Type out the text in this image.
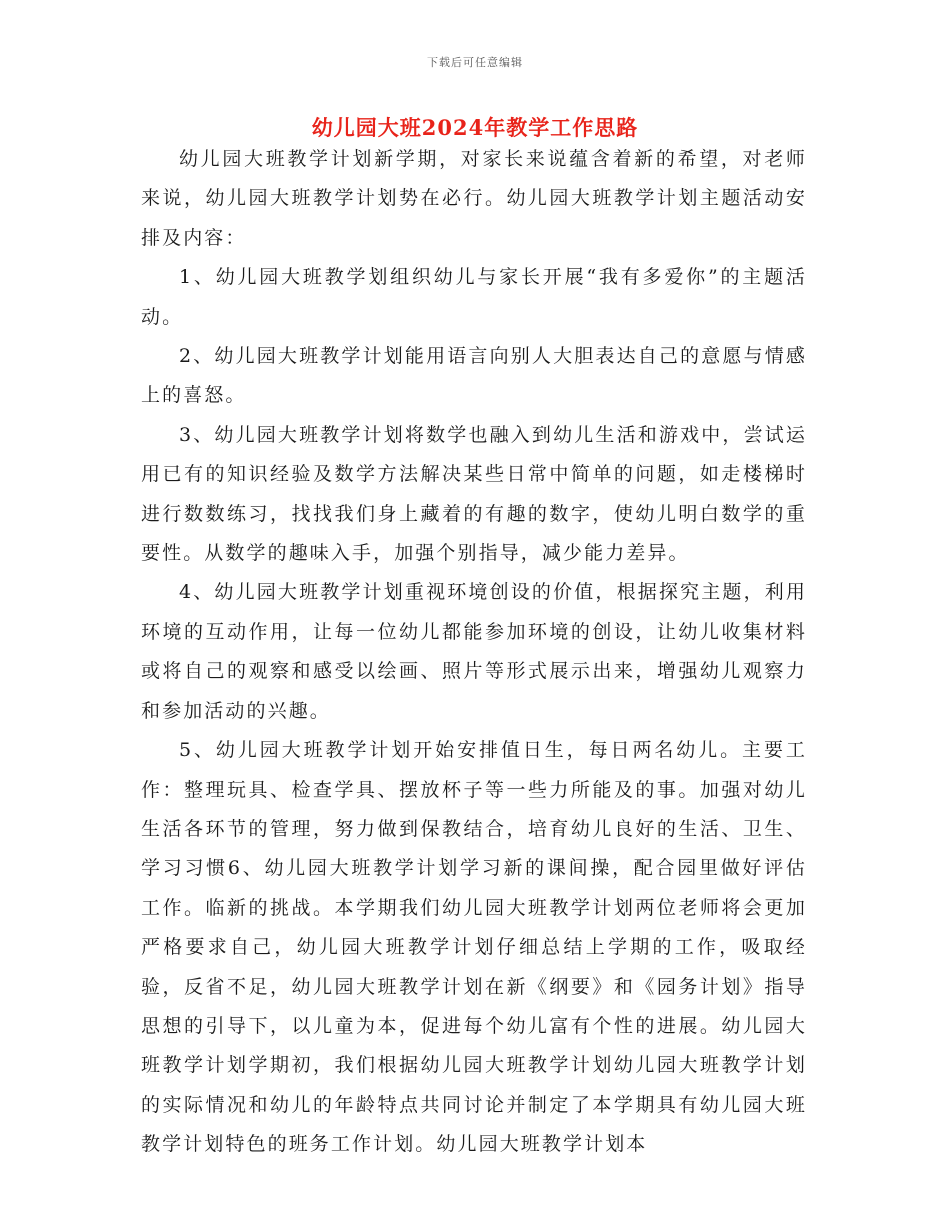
下载后可任意编辑
幼儿园大班2024年教学工作思路

幼儿园大班教学计划新学期，对家长来说蕴含着新的希望，对老师来说，幼儿园大班教学计划势在必行。幼儿园大班教学计划主题活动安排及内容：

1、幼儿园大班教学划组织幼儿与家长开展“我有多爱你”的主题活动。

2、幼儿园大班教学计划能用语言向别人大胆表达自己的意愿与情感上的喜怒。

3、幼儿园大班教学计划将数学也融入到幼儿生活和游戏中，尝试运用已有的知识经验及数学方法解决某些日常中简单的问题，如走楼梯时进行数数练习，找找我们身上藏着的有趣的数字，使幼儿明白数学的重要性。从数学的趣味入手，加强个别指导，减少能力差异。

4、幼儿园大班教学计划重视环境创设的价值，根据探究主题，利用环境的互动作用，让每一位幼儿都能参加环境的创设，让幼儿收集材料或将自己的观察和感受以绘画、照片等形式展示出来，增强幼儿观察力和参加活动的兴趣。

5、幼儿园大班教学计划开始安排值日生，每日两名幼儿。主要工作：整理玩具、检查学具、摆放杯子等一些力所能及的事。加强对幼儿生活各环节的管理，努力做到保教结合，培育幼儿良好的生活、卫生、学习习惯6、幼儿园大班教学计划学习新的课间操，配合园里做好评估工作。临新的挑战。本学期我们幼儿园大班教学计划两位老师将会更加严格要求自己，幼儿园大班教学计划仔细总结上学期的工作，吸取经验，反省不足，幼儿园大班教学计划在新《纲要》和《园务计划》指导思想的引导下，以儿童为本，促进每个幼儿富有个性的进展。幼儿园大班教学计划学期初，我们根据幼儿园大班教学计划幼儿园大班教学计划的实际情况和幼儿的年龄特点共同讨论并制定了本学期具有幼儿园大班教学计划特色的班务工作计划。幼儿园大班教学计划本
